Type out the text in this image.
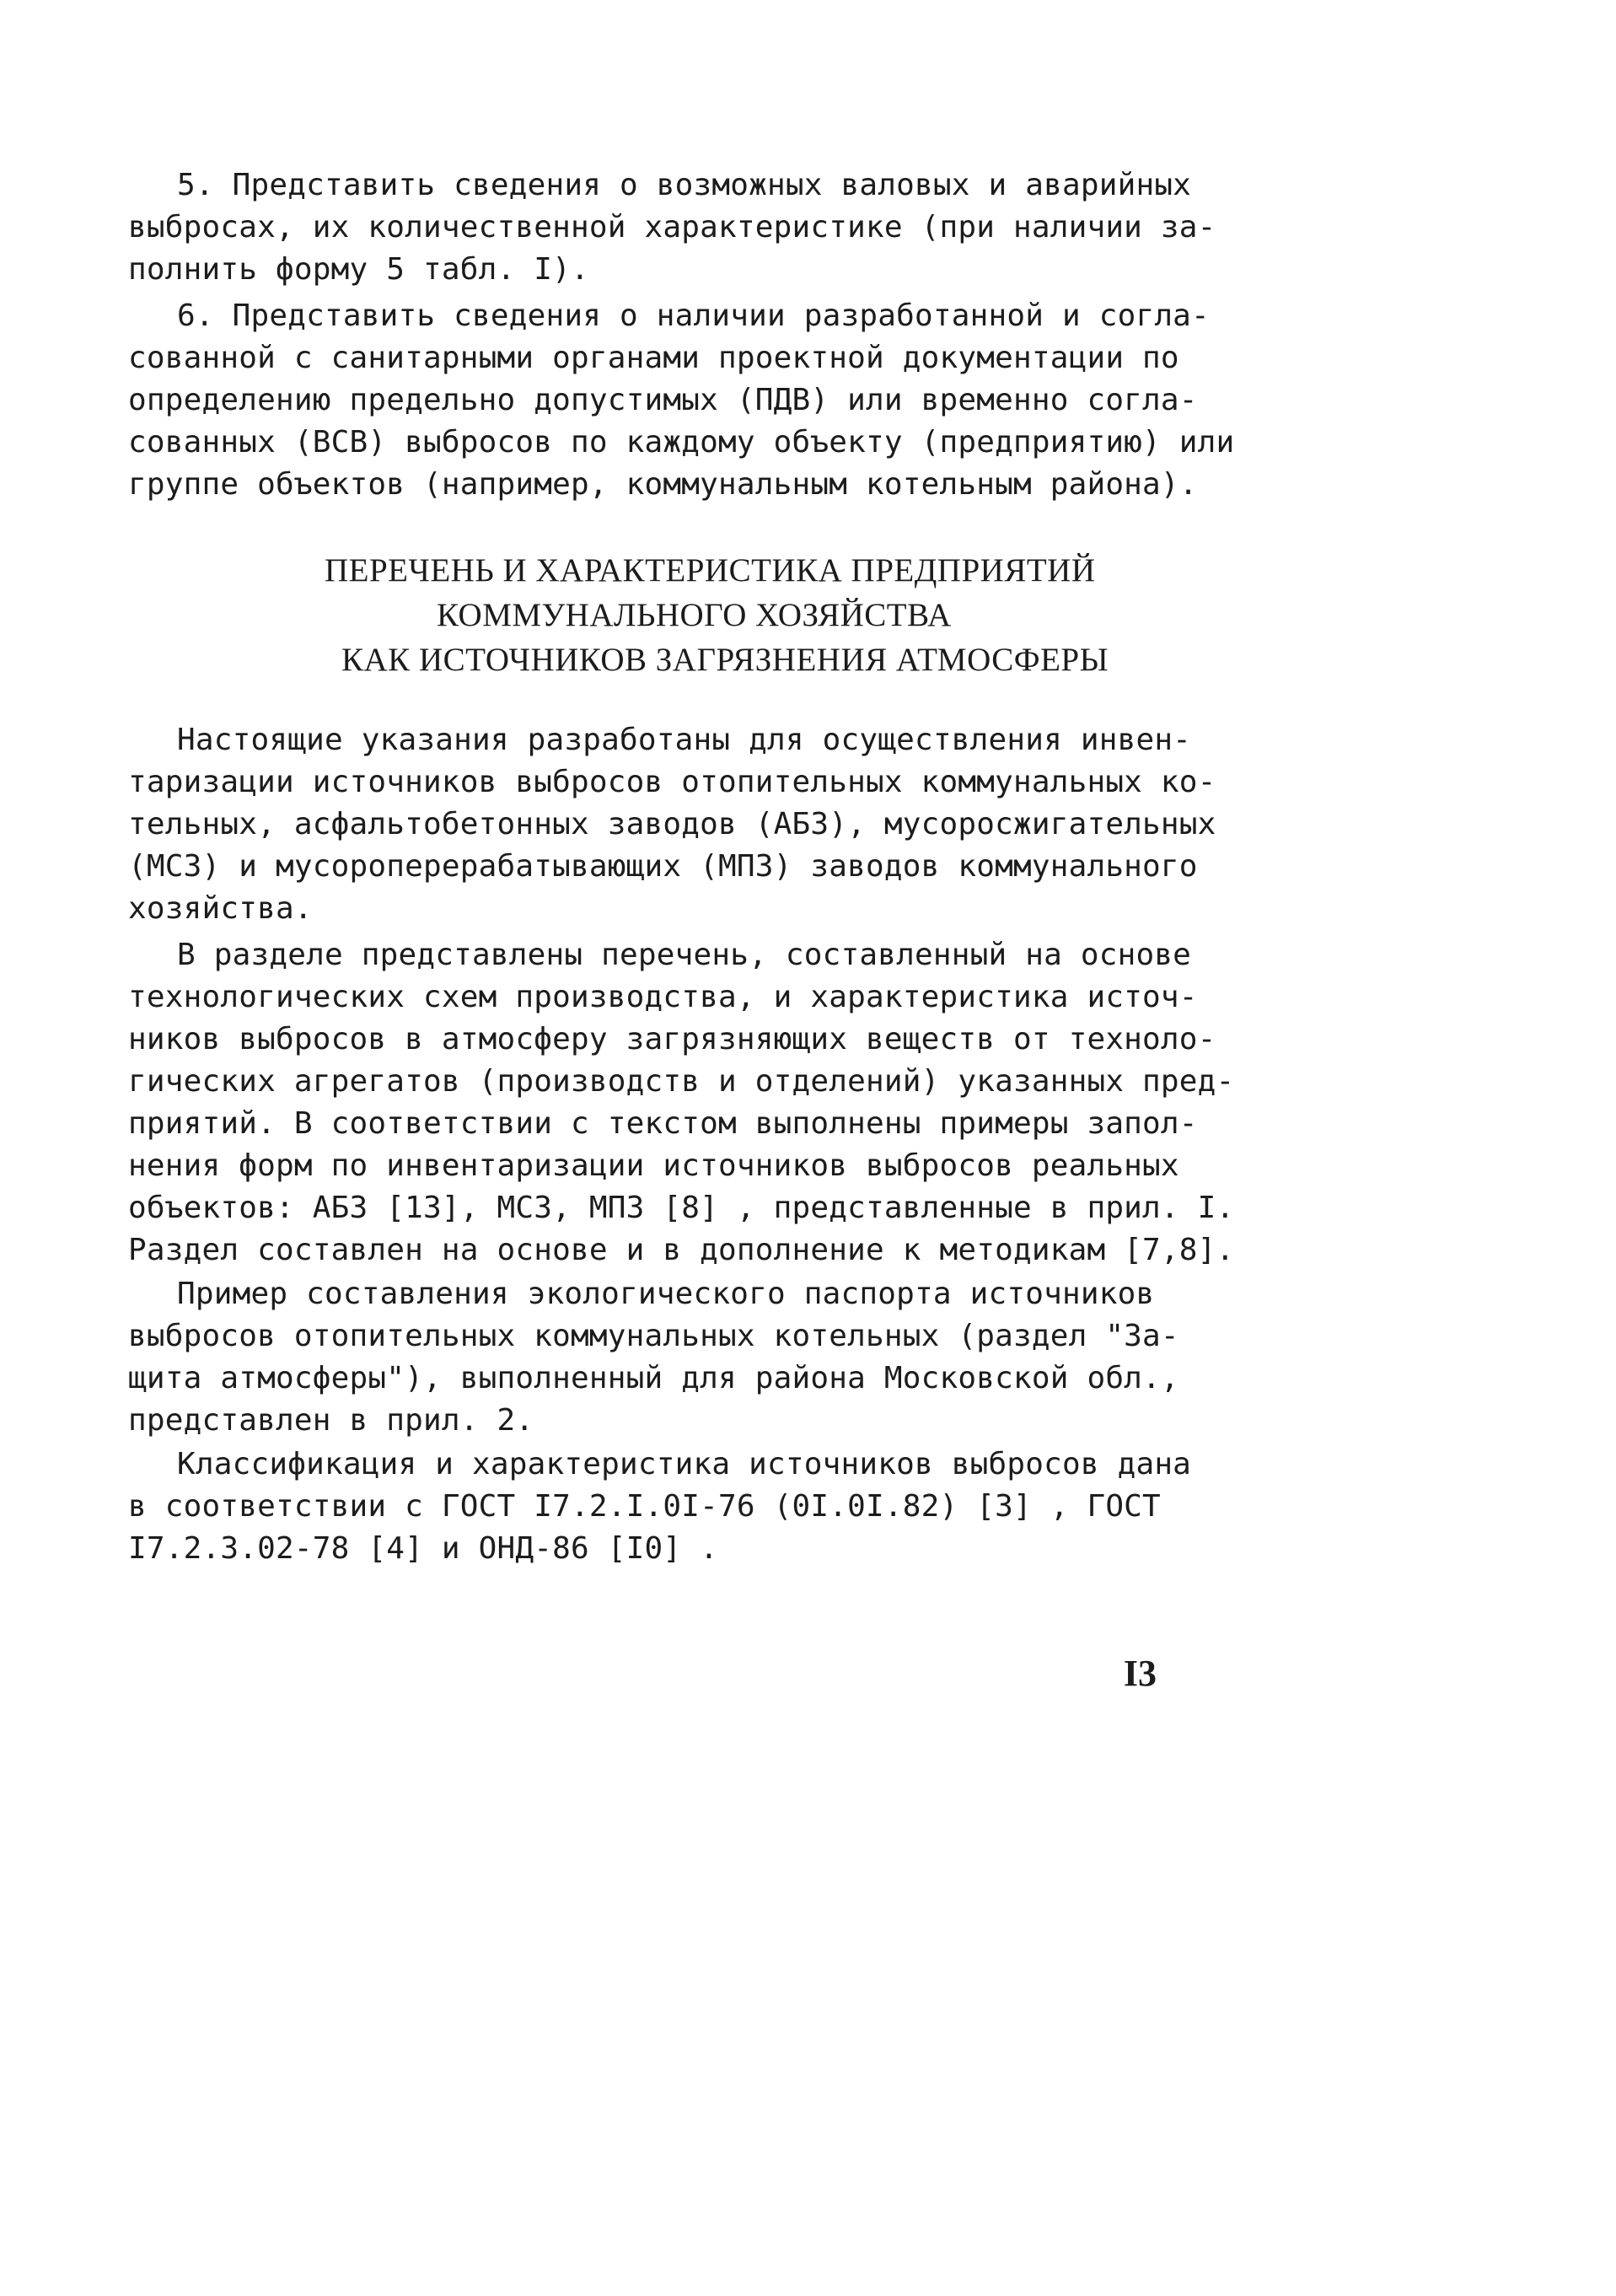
5. Представить сведения о возможных валовых и аварийных
выбросах, их количественной характеристике (при наличии за-
полнить форму 5 табл. I).
6. Представить сведения о наличии разработанной и согла-
сованной с санитарными органами проектной документации по
определению предельно допустимых (ПДВ) или временно согла-
сованных (ВСВ) выбросов по каждому объекту (предприятию) или
группе объектов (например, коммунальным котельным района).
ПЕРЕЧЕНЬ И ХАРАКТЕРИСТИКА ПРЕДПРИЯТИЙ
КОММУНАЛЬНОГО ХОЗЯЙСТВА
КАК ИСТОЧНИКОВ ЗАГРЯЗНЕНИЯ АТМОСФЕРЫ
Настоящие указания разработаны для осуществления инвен-
таризации источников выбросов отопительных коммунальных ко-
тельных, асфальтобетонных заводов (АБЗ), мусоросжигательных
(МСЗ) и мусороперерабатывающих (МПЗ) заводов коммунального
хозяйства.
В разделе представлены перечень, составленный на основе
технологических схем производства, и характеристика источ-
ников выбросов в атмосферу загрязняющих веществ от техноло-
гических агрегатов (производств и отделений) указанных пред-
приятий. В соответствии с текстом выполнены примеры запол-
нения форм по инвентаризации источников выбросов реальных
объектов: АБЗ [13], МСЗ, МПЗ [8] , представленные в прил. I.
Раздел составлен на основе и в дополнение к методикам [7,8].
Пример составления экологического паспорта источников
выбросов отопительных коммунальных котельных (раздел "За-
щита атмосферы"), выполненный для района Московской обл.,
представлен в прил. 2.
Классификация и характеристика источников выбросов дана
в соответствии с ГОСТ I7.2.I.0I-76 (0I.0I.82) [3] , ГОСТ
I7.2.3.02-78 [4] и ОНД-86 [I0] .
I3
